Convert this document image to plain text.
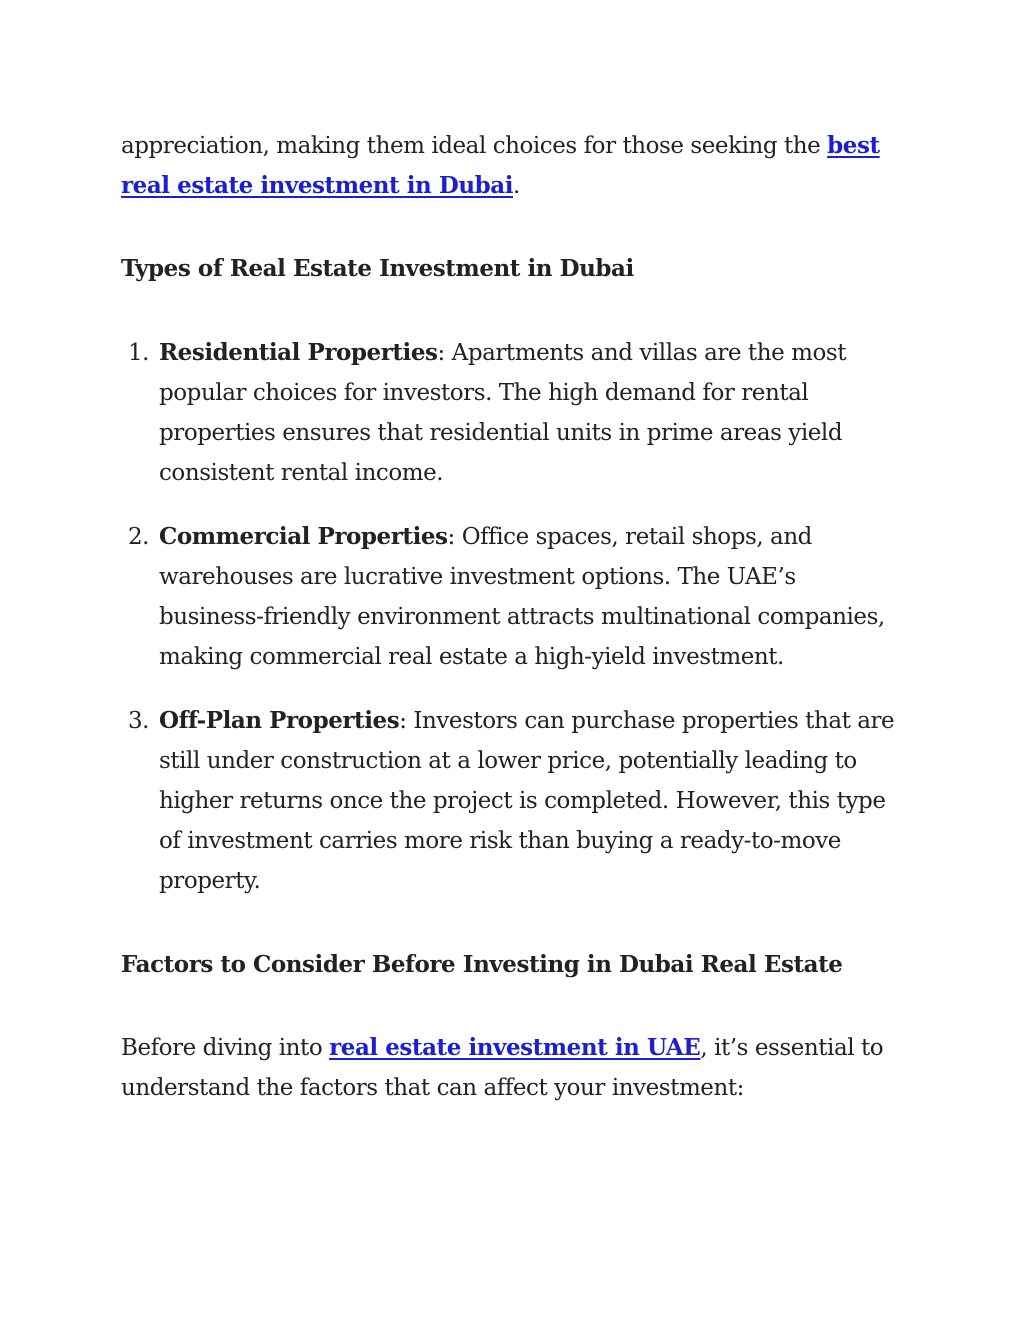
appreciation, making them ideal choices for those seeking the best real estate investment in Dubai.

Types of Real Estate Investment in Dubai
1. Residential Properties: Apartments and villas are the most popular choices for investors. The high demand for rental properties ensures that residential units in prime areas yield consistent rental income.
2. Commercial Properties: Office spaces, retail shops, and warehouses are lucrative investment options. The UAE’s business-friendly environment attracts multinational companies, making commercial real estate a high-yield investment.
3. Off-Plan Properties: Investors can purchase properties that are still under construction at a lower price, potentially leading to higher returns once the project is completed. However, this type of investment carries more risk than buying a ready-to-move property.
Factors to Consider Before Investing in Dubai Real Estate

Before diving into real estate investment in UAE, it’s essential to understand the factors that can affect your investment:
